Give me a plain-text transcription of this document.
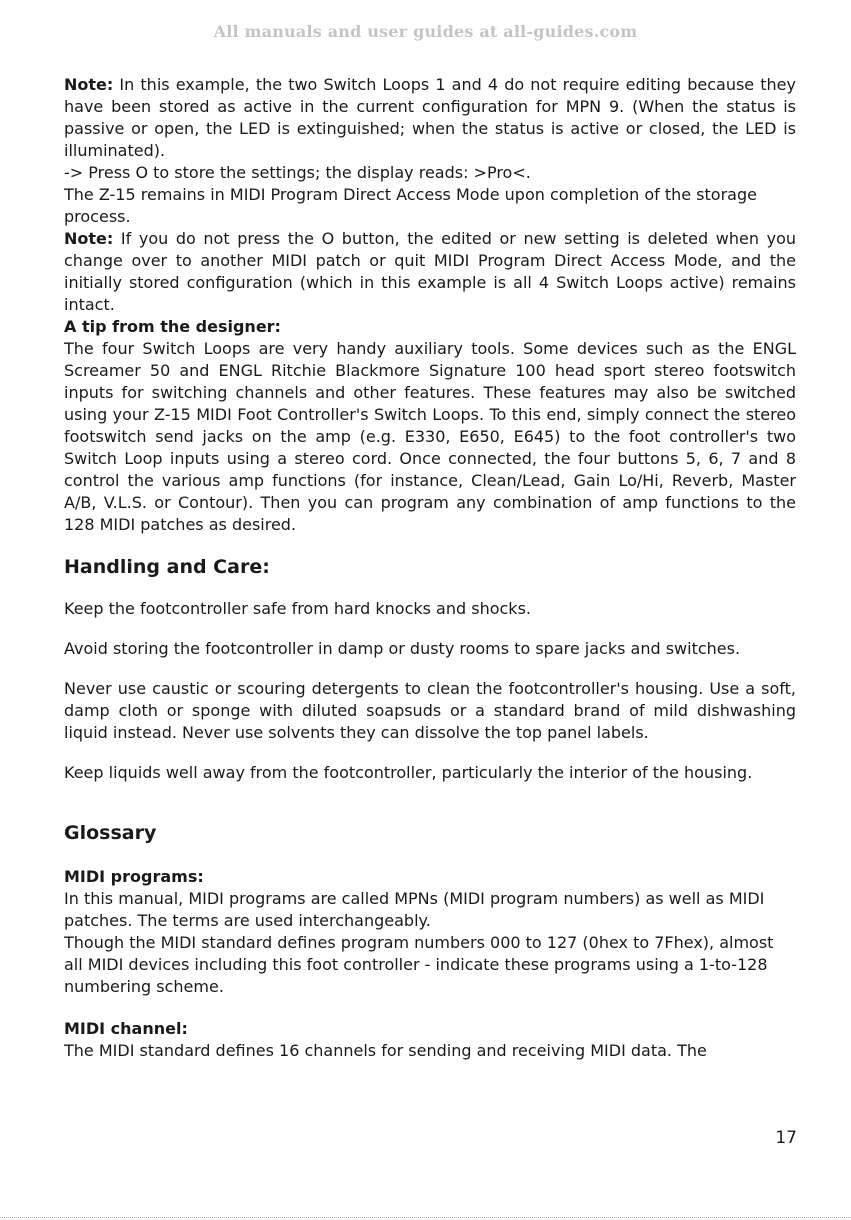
All manuals and user guides at all-guides.com

Note: In this example, the two Switch Loops 1 and 4 do not require editing because they have been stored as active in the current configuration for MPN 9. (When the status is passive or open, the LED is extinguished; when the status is active or closed, the LED is illuminated).

-> Press O to store the settings; the display reads: >Pro<.

The Z-15 remains in MIDI Program Direct Access Mode upon completion of the storage process.

Note: If you do not press the O button, the edited or new setting is deleted when you change over to another MIDI patch or quit MIDI Program Direct Access Mode, and the initially stored configuration (which in this example is all 4 Switch Loops active) remains intact.

A tip from the designer:

The four Switch Loops are very handy auxiliary tools. Some devices such as the ENGL Screamer 50 and ENGL Ritchie Blackmore Signature 100 head sport stereo footswitch inputs for switching channels and other features. These features may also be switched using your Z-15 MIDI Foot Controller's Switch Loops. To this end, simply connect the stereo footswitch send jacks on the amp (e.g. E330, E650, E645) to the foot controller's two Switch Loop inputs using a stereo cord. Once connected, the four buttons 5, 6, 7 and 8 control the various amp functions (for instance, Clean/Lead, Gain Lo/Hi, Reverb, Master A/B, V.L.S. or Contour). Then you can program any combination of amp functions to the 128 MIDI patches as desired.

Handling and Care:

Keep the footcontroller safe from hard knocks and shocks.

Avoid storing the footcontroller in damp or dusty rooms to spare jacks and switches.

Never use caustic or scouring detergents to clean the footcontroller's housing. Use a soft, damp cloth or sponge with diluted soapsuds or a standard brand of mild dishwashing liquid instead. Never use solvents they can dissolve the top panel labels.

Keep liquids well away from the footcontroller, particularly the interior of the housing.

Glossary

MIDI programs:

In this manual, MIDI programs are called MPNs (MIDI program numbers) as well as MIDI patches. The terms are used interchangeably.

Though the MIDI standard defines program numbers 000 to 127 (0hex to 7Fhex), almost all MIDI devices including this foot controller - indicate these programs using a 1-to-128 numbering scheme.

MIDI channel:

The MIDI standard defines 16 channels for sending and receiving MIDI data. The

17
